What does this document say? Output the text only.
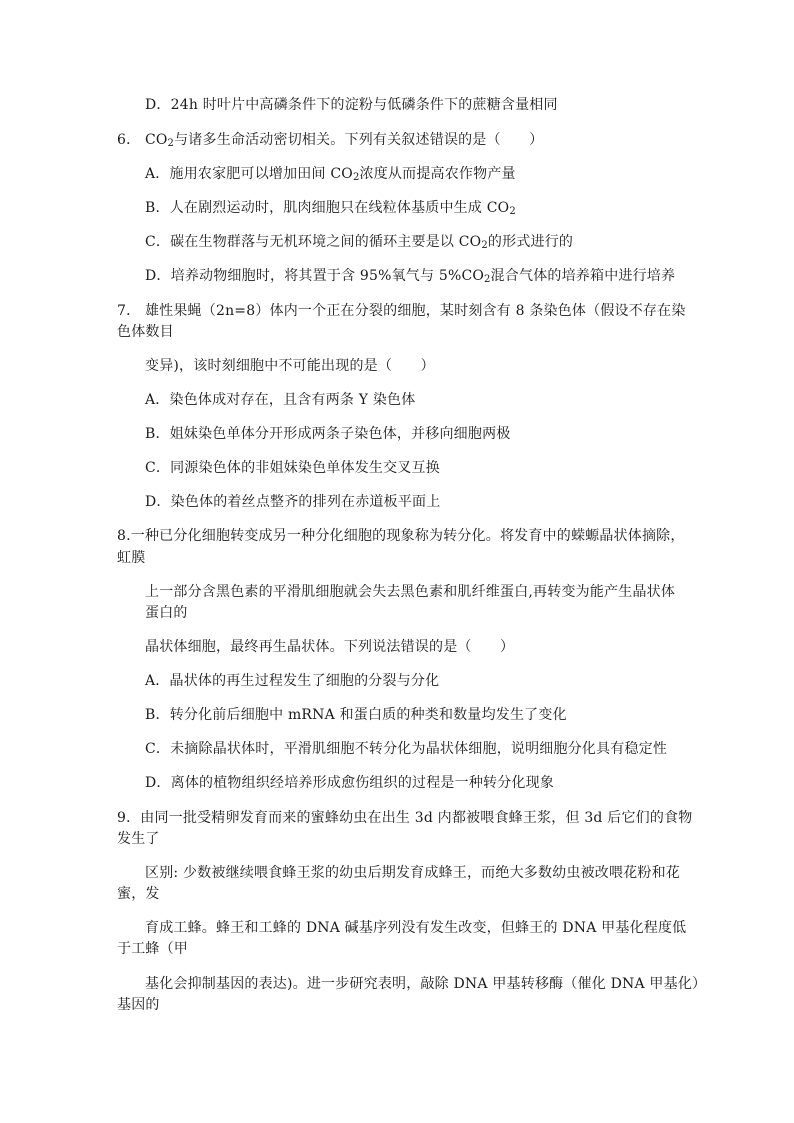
D．24h 时叶片中高磷条件下的淀粉与低磷条件下的蔗糖含量相同
6． $CO_2$与诸多生命活动密切相关。下列有关叙述错误的是（　　）
A．施用农家肥可以增加田间 $CO_2$浓度从而提高农作物产量
B．人在剧烈运动时，肌肉细胞只在线粒体基质中生成 $CO_2$
C．碳在生物群落与无机环境之间的循环主要是以 $CO_2$的形式进行的
D．培养动物细胞时，将其置于含 95%氧气与 $5\%CO_2$混合气体的培养箱中进行培养
7． 雄性果蝇（2n=8）体内一个正在分裂的细胞，某时刻含有 8 条染色体（假设不存在染
色体数目
变异)，该时刻细胞中不可能出现的是（　　）
A．染色体成对存在，且含有两条 Y 染色体
B．姐妹染色单体分开形成两条子染色体，并移向细胞两极
C．同源染色体的非姐妹染色单体发生交叉互换
D．染色体的着丝点整齐的排列在赤道板平面上
8.一种已分化细胞转变成另一种分化细胞的现象称为转分化。将发育中的蝾螈晶状体摘除，
虹膜
上一部分含黑色素的平滑肌细胞就会失去黑色素和肌纤维蛋白,再转变为能产生晶状体
蛋白的
晶状体细胞，最终再生晶状体。下列说法错误的是（　　）
A．晶状体的再生过程发生了细胞的分裂与分化
B．转分化前后细胞中 mRNA 和蛋白质的种类和数量均发生了变化
C．未摘除晶状体时，平滑肌细胞不转分化为晶状体细胞，说明细胞分化具有稳定性
D．离体的植物组织经培养形成愈伤组织的过程是一种转分化现象
9．由同一批受精卵发育而来的蜜蜂幼虫在出生 3d 内都被喂食蜂王浆，但 3d 后它们的食物
发生了
区别: 少数被继续喂食蜂王浆的幼虫后期发育成蜂王，而绝大多数幼虫被改喂花粉和花
蜜，发
育成工蜂。蜂王和工蜂的 DNA 碱基序列没有发生改变，但蜂王的 DNA 甲基化程度低
于工蜂（甲
基化会抑制基因的表达)。进一步研究表明，敲除 DNA 甲基转移酶（催化 DNA 甲基化）
基因的
